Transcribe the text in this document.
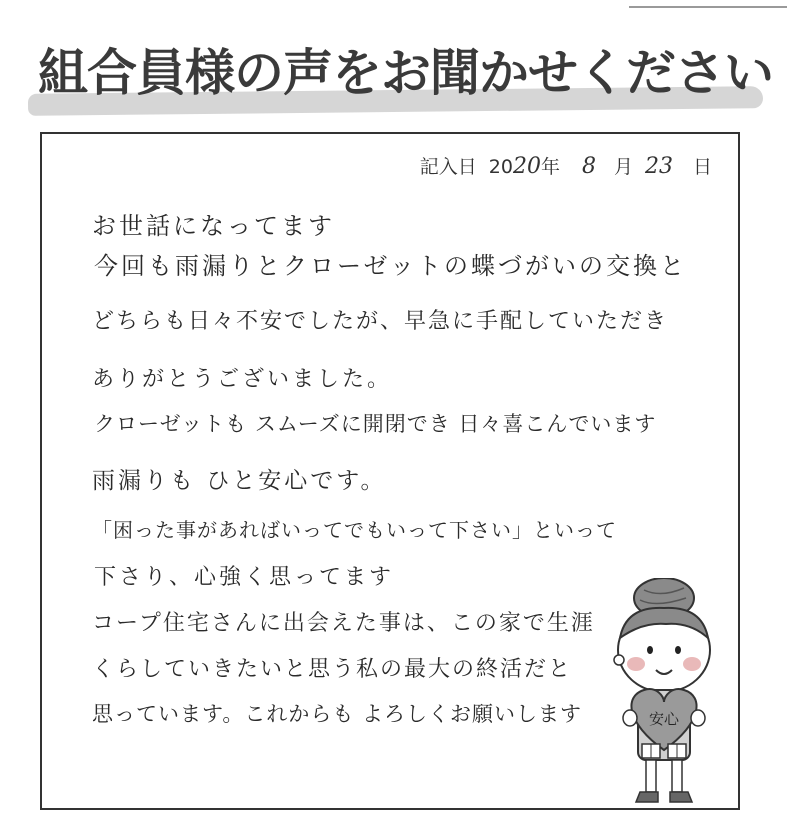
組合員様の声をお聞かせください
記入日 20 20 年 8 月 23 日

お世話になってます

今回も雨漏りとクローゼットの蝶づがいの交換と

どちらも日々不安でしたが、早急に手配していただき

ありがとうございました。

クローゼットも スムーズに開閉でき 日々喜こんでいます

雨漏りも ひと安心です。

「困った事があればいってでもいって下さい」といって

下さり、心強く思ってます

コープ住宅さんに出会えた事は、この家で生涯

くらしていきたいと思う私の最大の終活だと

思っています。これからも よろしくお願いします	安心
